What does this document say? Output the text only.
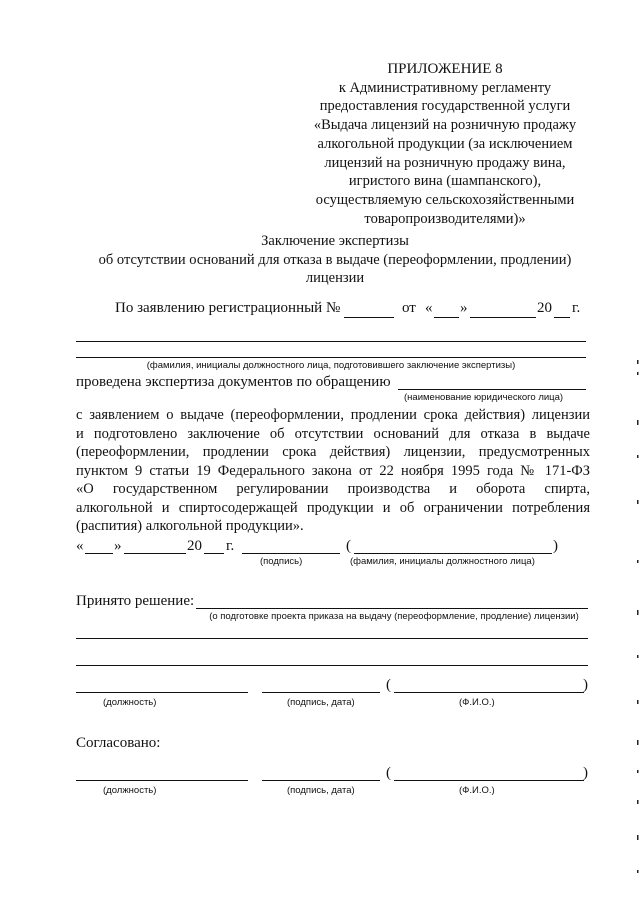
ПРИЛОЖЕНИЕ 8
к Административному регламенту
предоставления государственной услуги
«Выдача лицензий на розничную продажу
алкогольной продукции (за исключением
лицензий на розничную продажу вина,
игристого вина (шампанского),
осуществляемую сельскохозяйственными
товаропроизводителями)»
Заключение экспертизы
об отсутствии оснований для отказа в выдаче (переоформлении, продлении)
лицензии
По заявлению регистрационный №	от « »	20 г.
(фамилия, инициалы должностного лица, подготовившего заключение экспертизы)
проведена экспертиза документов по обращению
(наименование юридического лица)
с заявлением о выдаче (переоформлении, продлении срока действия) лицензии
и подготовлено заключение об отсутствии оснований для отказа в выдаче
(переоформлении, продлении срока действия) лицензии, предусмотренных
пунктом 9 статьи 19 Федерального закона от 22 ноября 1995 года № 171-ФЗ
«О государственном регулировании производства и оборота спирта,
алкогольной и спиртосодержащей продукции и об ограничении потребления
(распития) алкогольной продукции».
« »	20 г.	(	)
(подпись)	(фамилия, инициалы должностного лица)
Принято решение:
(о подготовке проекта приказа на выдачу (переоформление, продление) лицензии)
(	)
(должность)	(подпись, дата)	(Ф.И.О.)
Согласовано:
(	)
(должность)	(подпись, дата)	(Ф.И.О.)
